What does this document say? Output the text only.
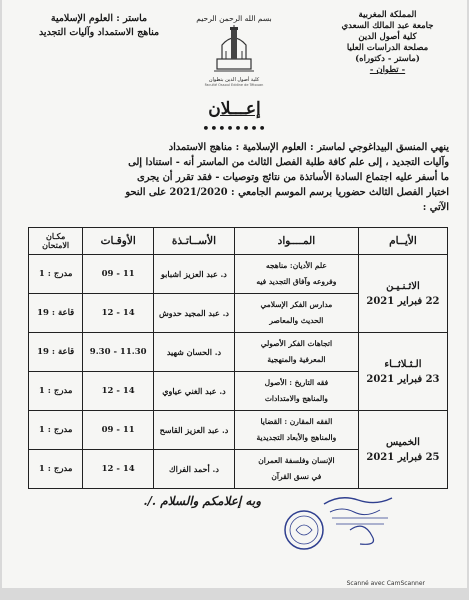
المملكة المغربية
جامعة عبد المالك السعدي
كلية أصول الدين
مصلحة الدراسات العليا
(ماستر - دكتوراه)
- تطوان -
بسم الله الرحمن الرحيم
كلية أصول الدين بتطوان
Faculté Ossoul Eddine de Tétouan
ماستر : العلوم الإسلامية
مناهج الاستمداد وآليات التجديد
إعـــلان
••••••••

ينهي المنسق البيداغوجي لماستر : العلوم الإسلامية : مناهج الاستمداد

وآليات التجديد ، إلى علم كافة طلبة الفصل الثالث من الماستر أنه - استنادا إلى

ما أسفر عليه اجتماع السادة الأساتذة من نتائج وتوصيات - فقد تقرر أن يجرى

اختبار الفصل الثالث حضوريا برسم الموسم الجامعي : 2021/2020 على النحو

الآتي :

الأيــام	المــــواد	الأســاتـذة	الأوقـات	مكـان
الامتحان

الاثـنـيـن
22 فبراير 2021	علم الأديان: مناهجه
وفروعه وآفاق التجديد فيه	د. عبد العزيز اشبابو	09 - 11	مدرج : 1

	مدارس الفكر الإسلامي
الحديث والمعاصر	د. عبد المجيد حدوش	12 - 14	قاعة : 19

الـثـلاثــاء
23 فبراير 2021	اتجاهات الفكر الأصولي
المعرفية والمنهجية	د. الحسان شهيد	9.30 - 11.30	قاعة : 19

	فقه التاريخ : الأصول
والمناهج والامتدادات	د. عبد الغني عياوي	12 - 14	مدرج : 1

الخميس
25 فبراير 2021	الفقه المقارن : القضايا
والمناهج والأبعاد التجديدية	د. عبد العزيز القاسح	09 - 11	مدرج : 1

	الإنسان وفلسفة العمران
في نسق القرآن	د. أحمد الفراك	12 - 14	مدرج : 1
وبه إعلامكم والسلام ./.
Scanné avec CamScanner
